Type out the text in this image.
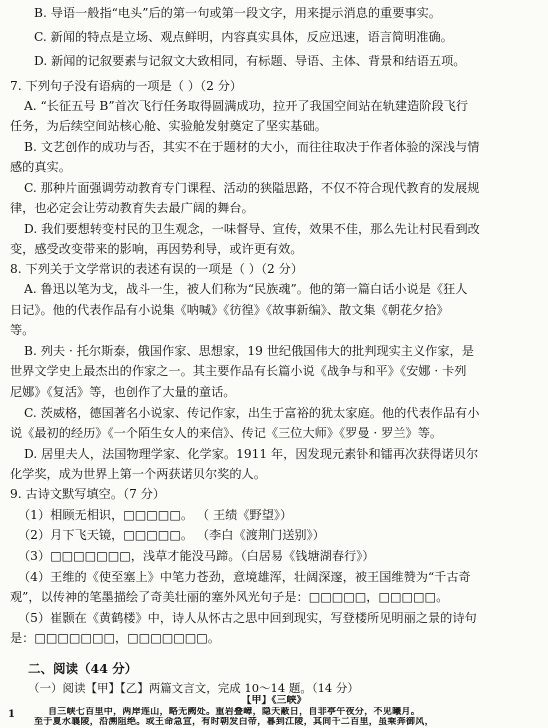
B. 导语一般指“电头”后的第一句或第一段文字，用来提示消息的重要事实。
C. 新闻的特点是立场、观点鲜明，内容真实具体，反应迅速，语言简明准确。
D. 新闻的记叙要素与记叙文大致相同，有标题、导语、主体、背景和结语五项。
7. 下列句子没有语病的一项是（ ）（2 分）
A. “长征五号 B”首次飞行任务取得圆满成功，拉开了我国空间站在轨建造阶段飞行
任务，为后续空间站核心舱、实验舱发射奠定了坚实基础。
B. 文艺创作的成功与否，其实不在于题材的大小，而往往取决于作者体验的深浅与情
感的真实。
C. 那种片面强调劳动教育专门课程、活动的狭隘思路，不仅不符合现代教育的发展规
律，也必定会让劳动教育失去最广阔的舞台。
D. 我们要想转变村民的卫生观念，一味督导、宣传，效果不佳，那么先让村民看到改
变，感受改变带来的影响，再因势利导，或许更有效。
8. 下列关于文学常识的表述有误的一项是（ ）（2 分）
A. 鲁迅以笔为戈，战斗一生，被人们称为“民族魂”。他的第一篇白话小说是《狂人
日记》。他的代表作品有小说集《呐喊》《彷徨》《故事新编》、散文集《朝花夕拾》
等。
B. 列夫 · 托尔斯泰，俄国作家、思想家，19 世纪俄国伟大的批判现实主义作家，是
世界文学史上最杰出的作家之一。其主要作品有长篇小说《战争与和平》《安娜 · 卡列
尼娜》《复活》等，也创作了大量的童话。
C. 茨威格，德国著名小说家、传记作家，出生于富裕的犹太家庭。他的代表作品有小
说《最初的经历》《一个陌生女人的来信》、传记《三位大师》《罗曼 · 罗兰》等。
D. 居里夫人，法国物理学家、化学家。1911 年，因发现元素钋和镭再次获得诺贝尔
化学奖，成为世界上第一个两获诺贝尔奖的人。
9. 古诗文默写填空。（7 分）
（1）相顾无相识，□□□□□。 （ 王绩《野望》）
（2）月下飞天镜，□□□□□。 （李白《渡荆门送别》）
（3）□□□□□□□，浅草才能没马蹄。（白居易《钱塘湖春行》）
（4）王维的《使至塞上》中笔力苍劲，意境雄浑，壮阔深邃，被王国维赞为“千古奇
观”，以传神的笔墨描绘了奇美壮丽的塞外风光句子是：□□□□□，□□□□□。
（5）崔颢在《黄鹤楼》中，诗人从怀古之思中回到现实，写登楼所见明丽之景的诗句
是：□□□□□□□，□□□□□□□。
二、阅读（44 分）
（一）阅读【甲】【乙】两篇文言文，完成 10～14 题。（14 分）
【甲】《三峡》
自三峡七百里中，两岸连山，略无阙处。重岩叠嶂，隐天蔽日，自非亭午夜分，不见曦月。
至于夏水襄陵，沿溯阻绝。或王命急宣，有时朝发白帝，暮到江陵，其间千二百里，虽乘奔御风，
1
